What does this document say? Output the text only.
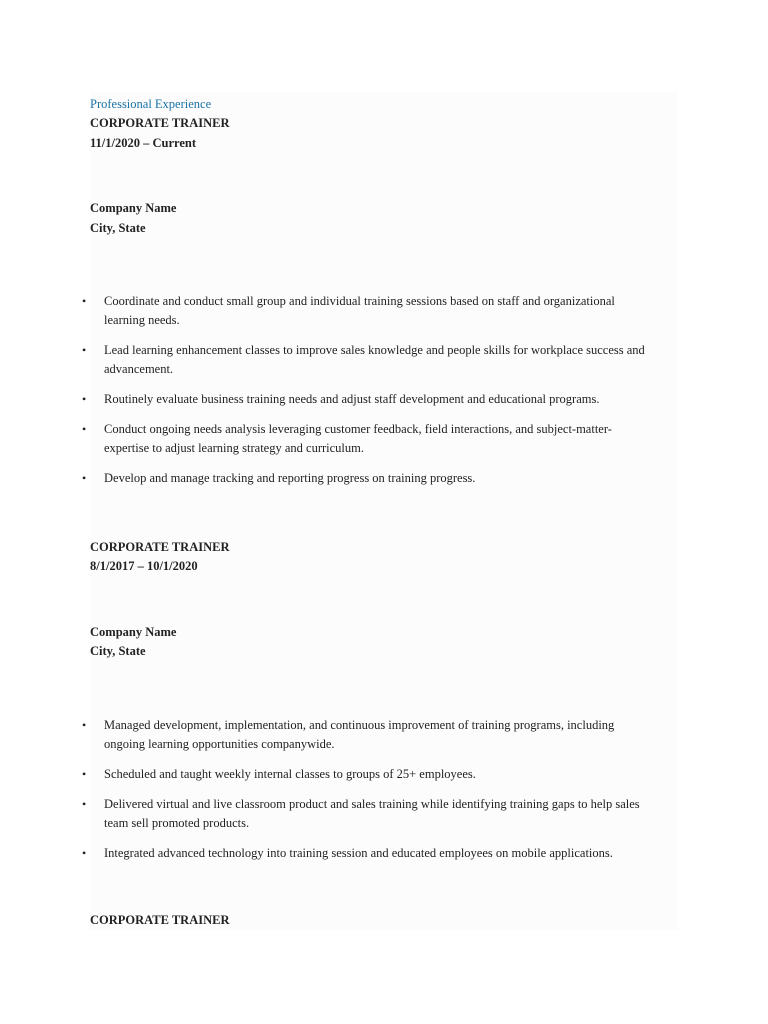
Professional Experience
CORPORATE TRAINER
11/1/2020 – Current
Company Name
City, State
• Coordinate and conduct small group and individual training sessions based on staff and organizational learning needs.
• Lead learning enhancement classes to improve sales knowledge and people skills for workplace success and advancement.
• Routinely evaluate business training needs and adjust staff development and educational programs.
• Conduct ongoing needs analysis leveraging customer feedback, field interactions, and subject-matter-expertise to adjust learning strategy and curriculum.
• Develop and manage tracking and reporting progress on training progress.
CORPORATE TRAINER
8/1/2017 – 10/1/2020
Company Name
City, State
• Managed development, implementation, and continuous improvement of training programs, including ongoing learning opportunities companywide.
• Scheduled and taught weekly internal classes to groups of 25+ employees.
• Delivered virtual and live classroom product and sales training while identifying training gaps to help sales team sell promoted products.
• Integrated advanced technology into training session and educated employees on mobile applications.
CORPORATE TRAINER
